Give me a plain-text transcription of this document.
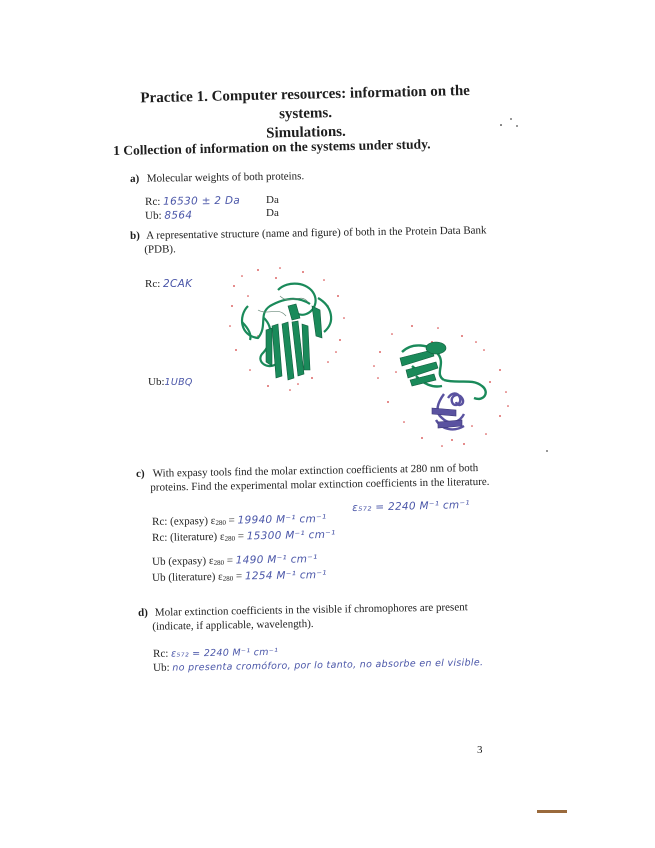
Practice 1. Computer resources: information on the systems.
Simulations.
1 Collection of information on the systems under study.
a) Molecular weights of both proteins.
Rc: 16530 ± 2 Da Da
Ub: 8564	Da
b) A representative structure (name and figure) of both in the Protein Data Bank
(PDB).
Rc: 2CAK
Ub:1UBQ
c) With expasy tools find the molar extinction coefficients at 280 nm of both
proteins. Find the experimental molar extinction coefficients in the literature.
Rc: (expasy) ε280 = 19940 M⁻¹ cm⁻¹
Rc: (literature) ε280 = 15300 M⁻¹ cm⁻¹
ε₅₇₂ = 2240 M⁻¹ cm⁻¹
Ub (expasy) ε280 = 1490 M⁻¹ cm⁻¹
Ub (literature) ε280 = 1254 M⁻¹ cm⁻¹
d) Molar extinction coefficients in the visible if chromophores are present
(indicate, if applicable, wavelength).
Rc: ε₅₇₂ = 2240 M⁻¹ cm⁻¹
Ub: no presenta cromóforo, por lo tanto, no absorbe en el visible.
3
